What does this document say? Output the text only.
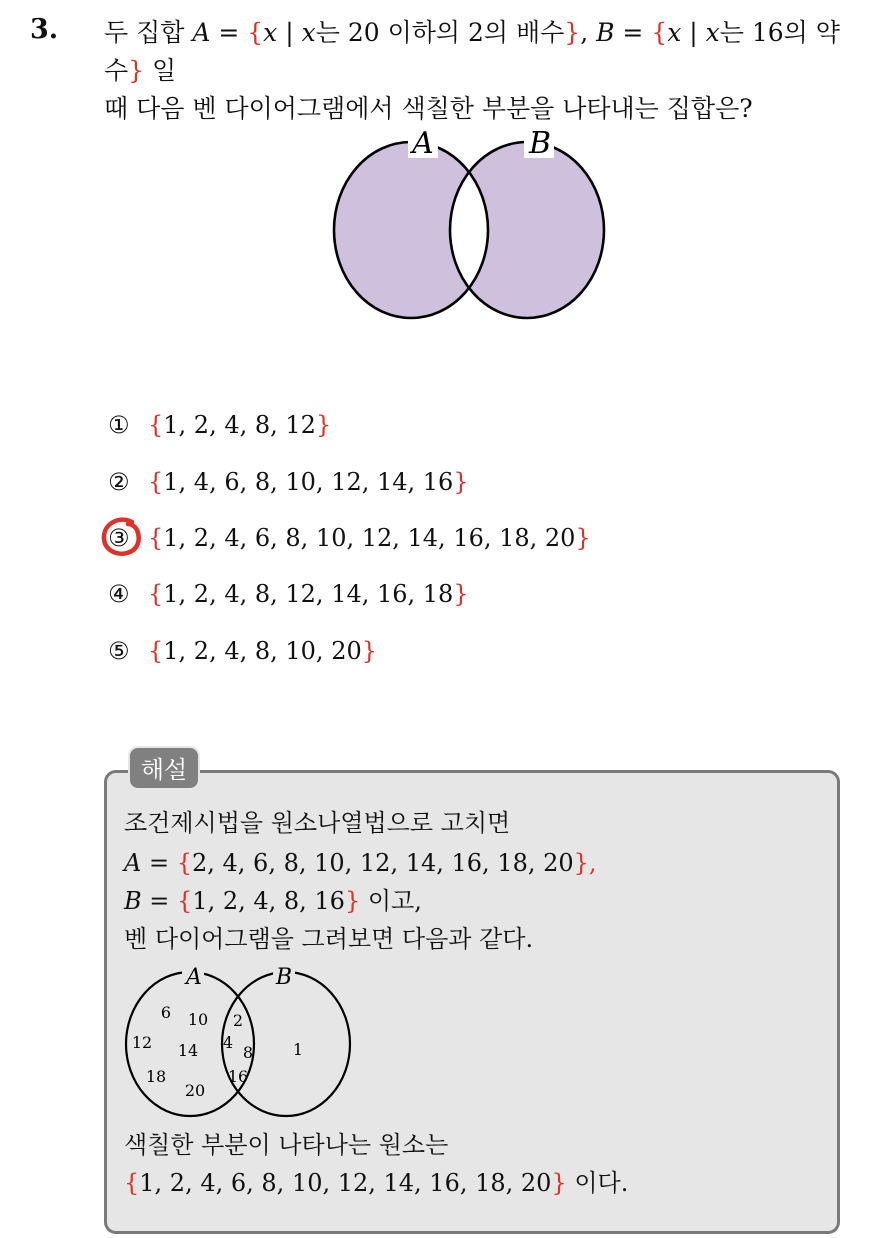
3. 두 집합 A = {x | x는 20 이하의 2의 배수}, B = {x | x는 16의 약수} 일
때 다음 벤 다이어그램에서 색칠한 부분을 나타내는 집합은?
A	B
① {1, 2, 4, 8, 12}
② {1, 4, 6, 8, 10, 12, 14, 16}
③ {1, 2, 4, 6, 8, 10, 12, 14, 16, 18, 20}
④ {1, 2, 4, 8, 12, 14, 16, 18}
⑤ {1, 2, 4, 8, 10, 20}
해설
조건제시법을 원소나열법으로 고치면
A = {2, 4, 6, 8, 10, 12, 14, 16, 18, 20},
B = {1, 2, 4, 8, 16} 이고,
벤 다이어그램을 그려보면 다음과 같다.
A	B
6 10
12 14
18
20
2
4
8
16
1
색칠한 부분이 나타나는 원소는
{1, 2, 4, 6, 8, 10, 12, 14, 16, 18, 20} 이다.
